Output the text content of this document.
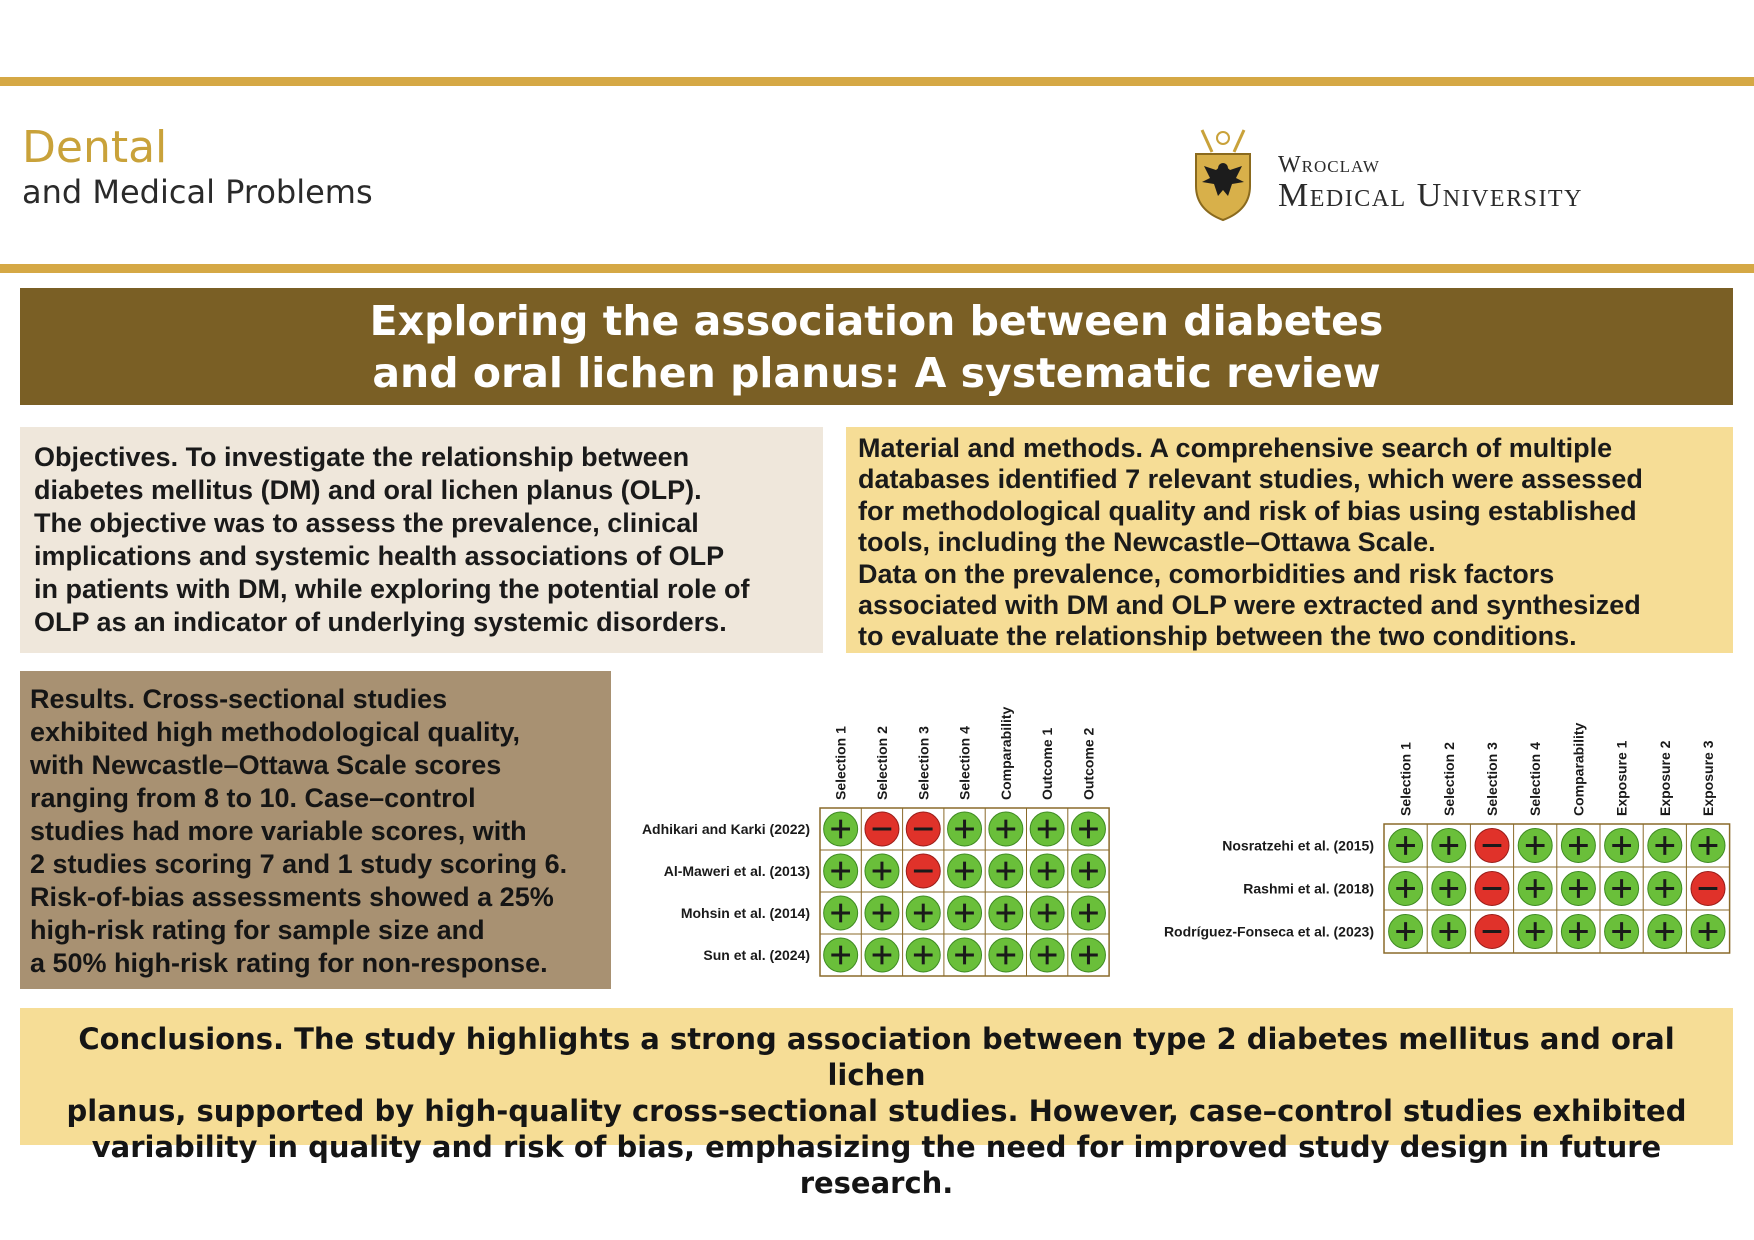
Dental
and Medical Problems
Wroclaw
Medical University
Exploring the association between diabetes
and oral lichen planus: A systematic review
Objectives. To investigate the relationship between
diabetes mellitus (DM) and oral lichen planus (OLP).
The objective was to assess the prevalence, clinical
implications and systemic health associations of OLP
in patients with DM, while exploring the potential role of
OLP as an indicator of underlying systemic disorders.
Material and methods. A comprehensive search of multiple
databases identified 7 relevant studies, which were assessed
for methodological quality and risk of bias using established
tools, including the Newcastle–Ottawa Scale.
Data on the prevalence, comorbidities and risk factors
associated with DM and OLP were extracted and synthesized
to evaluate the relationship between the two conditions.
Results. Cross-sectional studies
exhibited high methodological quality,
with Newcastle–Ottawa Scale scores
ranging from 8 to 10. Case–control
studies had more variable scores, with
2 studies scoring 7 and 1 study scoring 6.
Risk-of-bias assessments showed a 25%
high-risk rating for sample size and
a 50% high-risk rating for non-response.
Selection 1 Selection 2 Selection 3 Selection 4 Comparability Outcome 1 Outcome 2
Adhikari and Karki (2022)
Al-Maweri et al. (2013)
Mohsin et al. (2014)
Sun et al. (2024)
Selection 1 Selection 2 Selection 3 Selection 4 Comparability Exposure 1 Exposure 2 Exposure 3
Nosratzehi et al. (2015)
Rashmi et al. (2018)
Rodríguez-Fonseca et al. (2023)
Conclusions. The study highlights a strong association between type 2 diabetes mellitus and oral lichen
planus, supported by high-quality cross-sectional studies. However, case–control studies exhibited
variability in quality and risk of bias, emphasizing the need for improved study design in future research.
